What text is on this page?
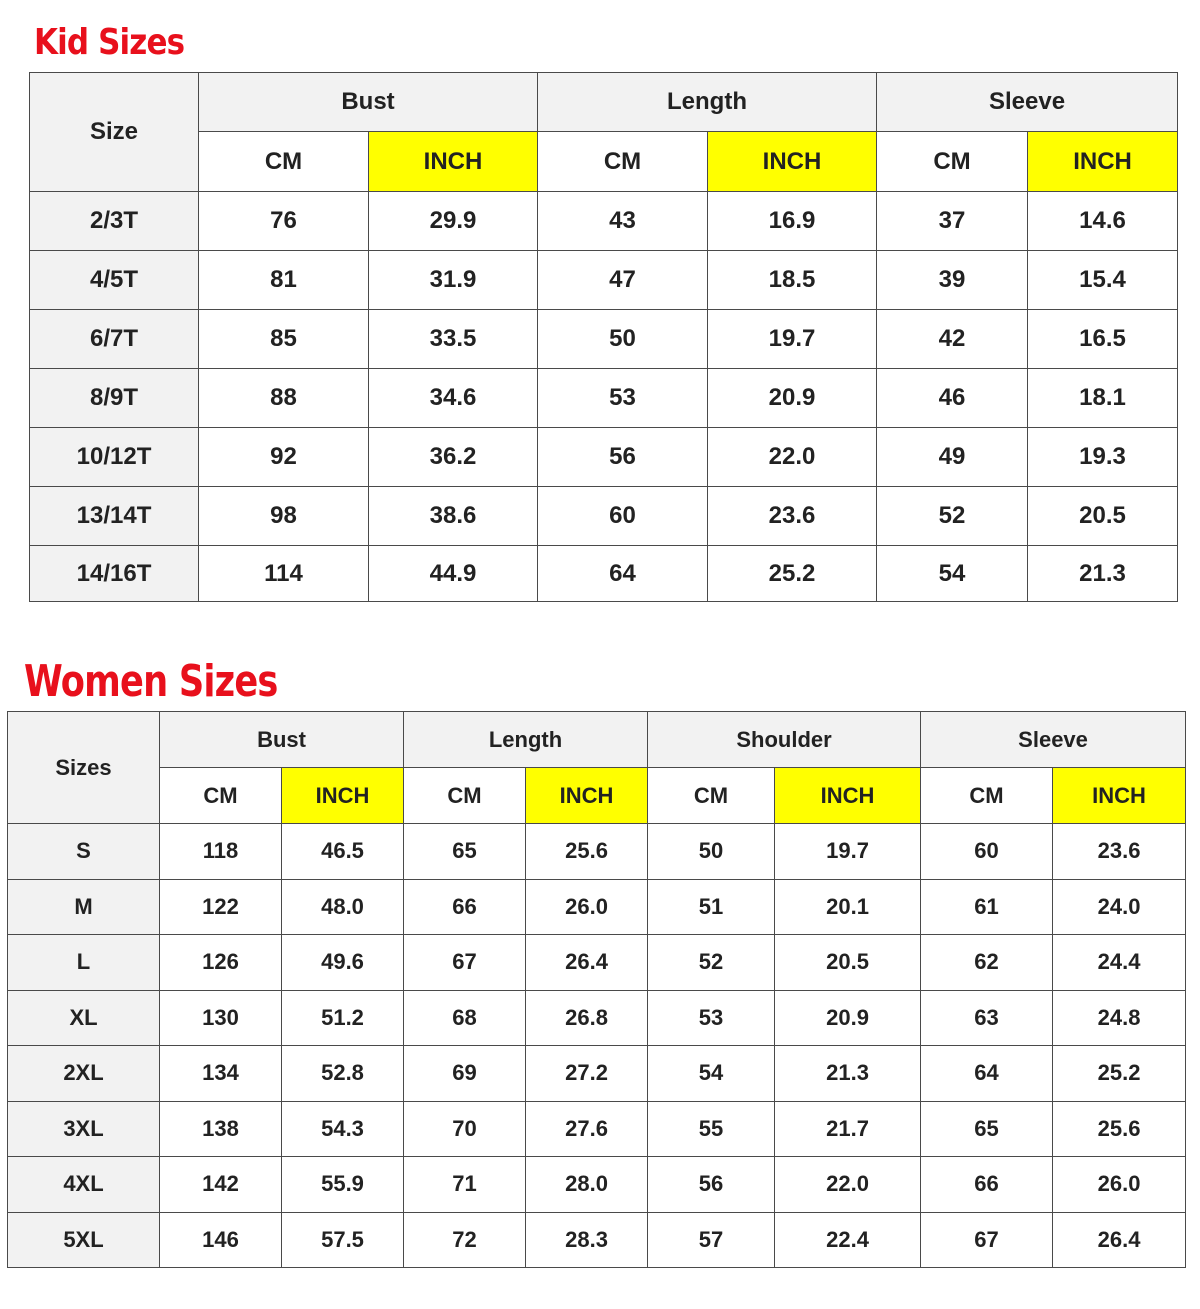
Kid Sizes
Size	Bust		Length		Sleeve	
	CM	INCH	CM	INCH	CM	INCH
2/3T	76	29.9	43	16.9	37	14.6
4/5T	81	31.9	47	18.5	39	15.4
6/7T	85	33.5	50	19.7	42	16.5
8/9T	88	34.6	53	20.9	46	18.1
10/12T	92	36.2	56	22.0	49	19.3
13/14T	98	38.6	60	23.6	52	20.5
14/16T	114	44.9	64	25.2	54	21.3
Women Sizes
Sizes	Bust		Length		Shoulder		Sleeve	
	CM	INCH	CM	INCH	CM	INCH	CM	INCH
S	118	46.5	65	25.6	50	19.7	60	23.6
M	122	48.0	66	26.0	51	20.1	61	24.0
L	126	49.6	67	26.4	52	20.5	62	24.4
XL	130	51.2	68	26.8	53	20.9	63	24.8
2XL	134	52.8	69	27.2	54	21.3	64	25.2
3XL	138	54.3	70	27.6	55	21.7	65	25.6
4XL	142	55.9	71	28.0	56	22.0	66	26.0
5XL	146	57.5	72	28.3	57	22.4	67	26.4
